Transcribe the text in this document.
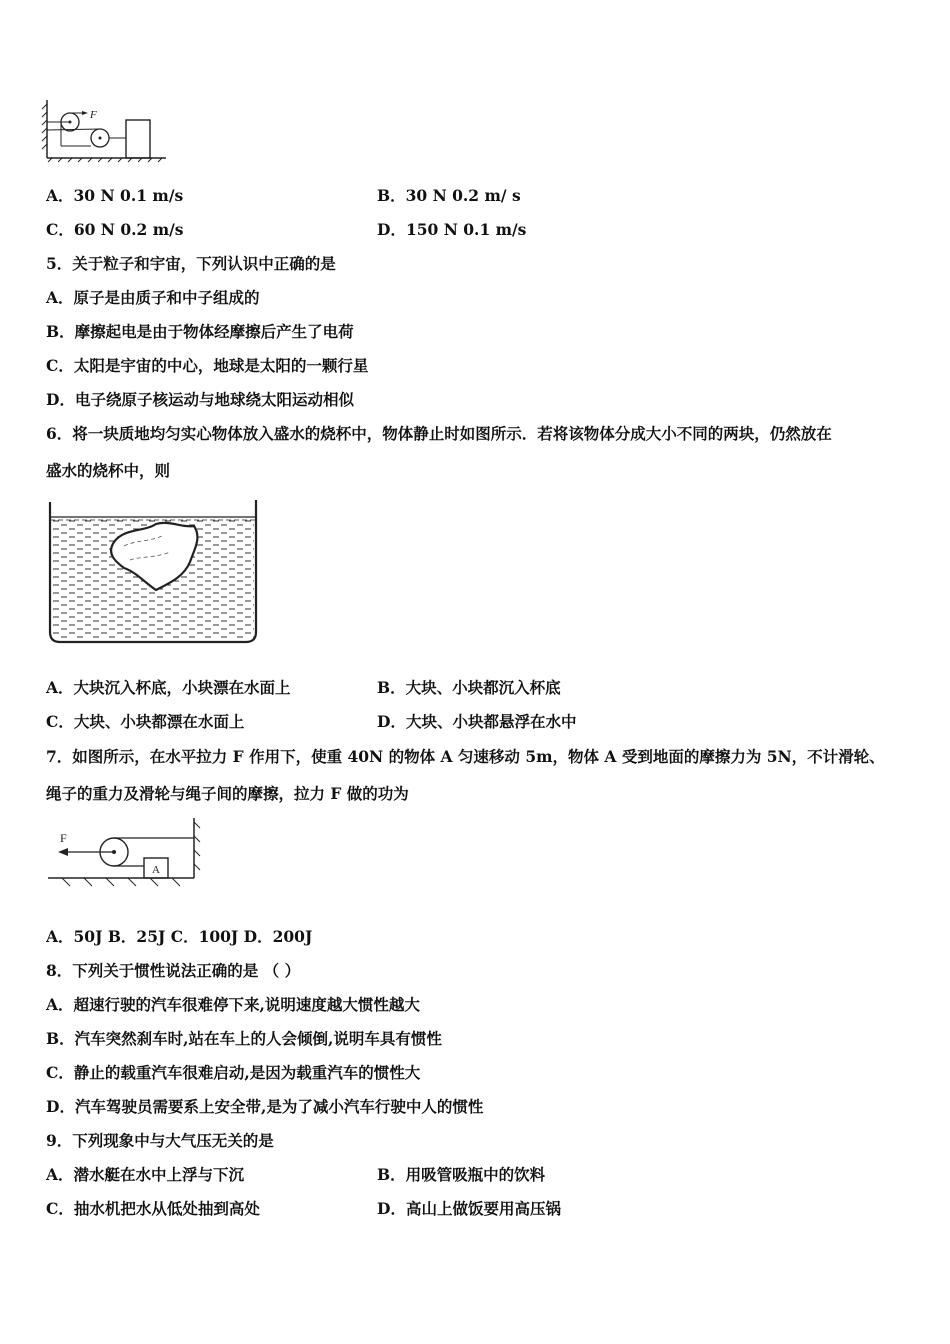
F
A．30 N 0.1 m/s	B．30 N 0.2 m/ s
C．60 N 0.2 m/s	D．150 N 0.1 m/s
5．关于粒子和宇宙，下列认识中正确的是
A．原子是由质子和中子组成的
B．摩擦起电是由于物体经摩擦后产生了电荷
C．太阳是宇宙的中心，地球是太阳的一颗行星
D．电子绕原子核运动与地球绕太阳运动相似
6．将一块质地均匀实心物体放入盛水的烧杯中，物体静止时如图所示．若将该物体分成大小不同的两块，仍然放在
盛水的烧杯中，则
A．大块沉入杯底，小块漂在水面上	B．大块、小块都沉入杯底
C．大块、小块都漂在水面上	D．大块、小块都悬浮在水中
7．如图所示，在水平拉力 F 作用下，使重 40N 的物体 A 匀速移动 5m，物体 A 受到地面的摩擦力为 5N，不计滑轮、
绳子的重力及滑轮与绳子间的摩擦，拉力 F 做的功为
F
A
A．50J B．25J C．100J D．200J
8．下列关于惯性说法正确的是 （ ）
A．超速行驶的汽车很难停下来,说明速度越大惯性越大
B．汽车突然刹车时,站在车上的人会倾倒,说明车具有惯性
C．静止的载重汽车很难启动,是因为载重汽车的惯性大
D．汽车驾驶员需要系上安全带,是为了减小汽车行驶中人的惯性
9．下列现象中与大气压无关的是
A．潜水艇在水中上浮与下沉	B．用吸管吸瓶中的饮料
C．抽水机把水从低处抽到高处	D．高山上做饭要用高压锅
